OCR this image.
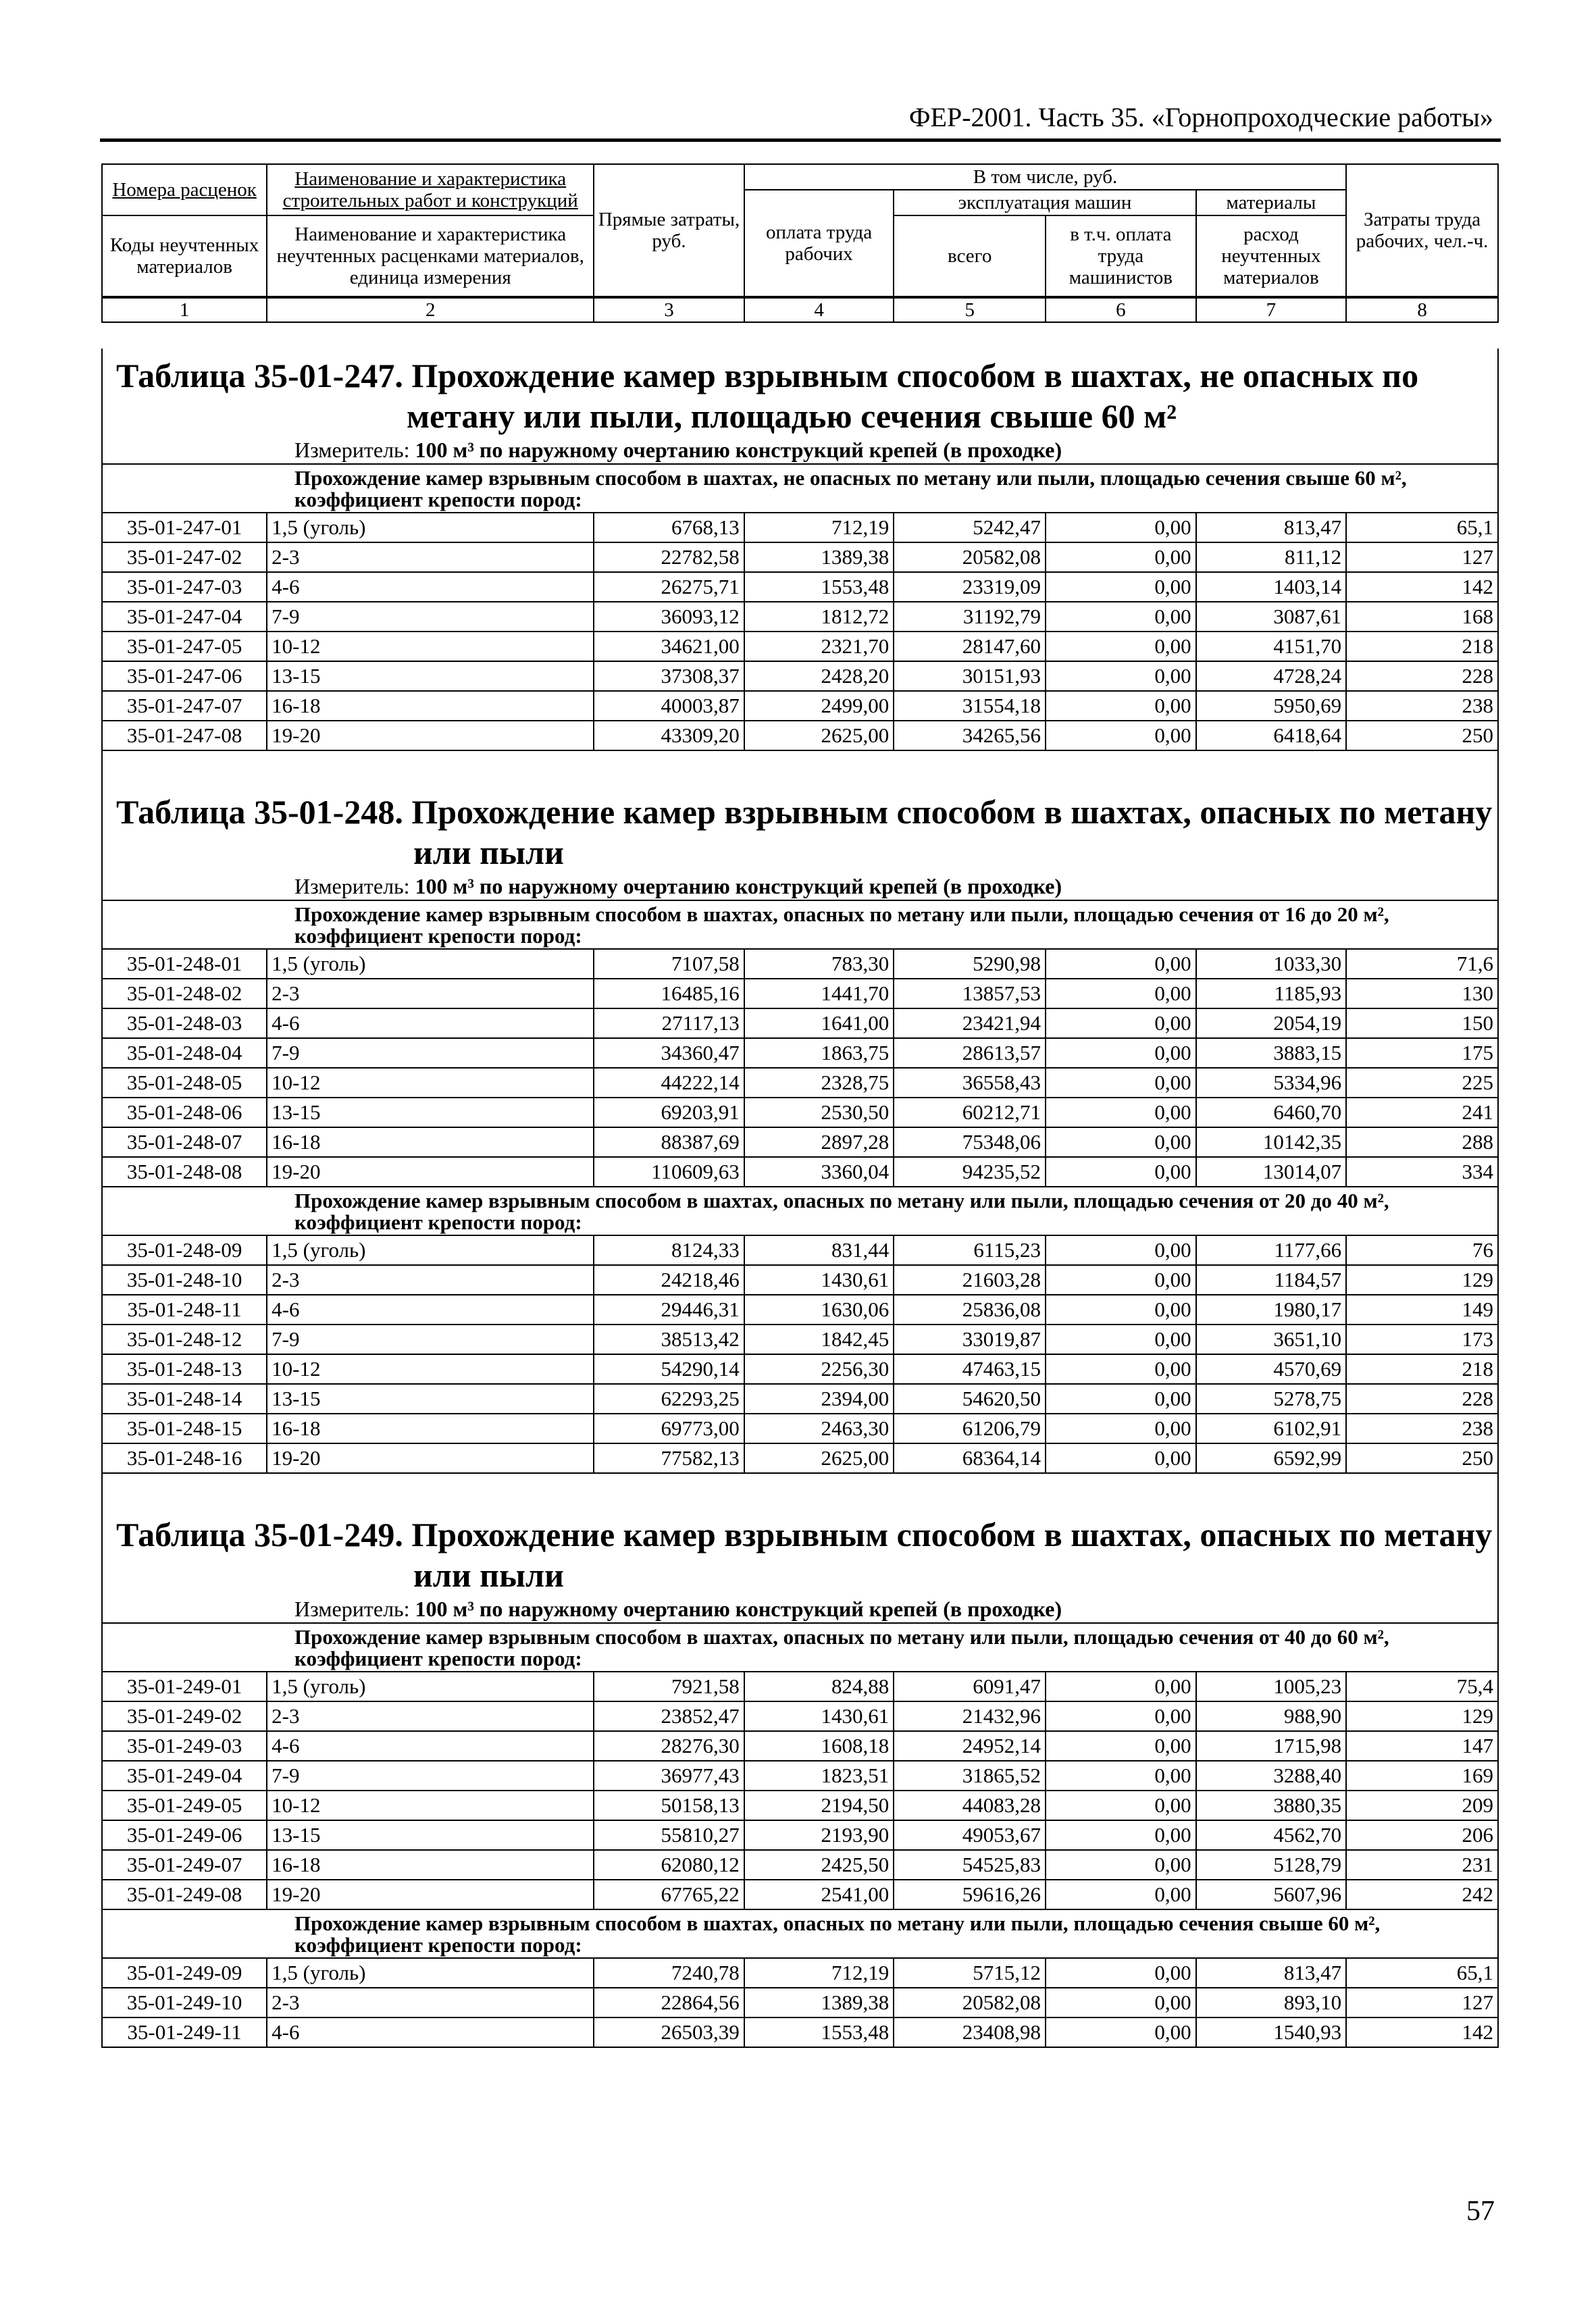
ФЕР-2001. Часть 35. «Горнопроходческие работы»
Номера расценок	Наименование и характеристика строительных работ и конструкций	Прямые затраты, руб.	В том числе, руб.				Затраты труда рабочих, чел.-ч.
			оплата труда рабочих	эксплуатация машин		материалы	
Коды неучтенных материалов	Наименование и характеристика неучтенных расценками материалов, единица измерения			всего	в т.ч. оплата труда машинистов	расход неучтенных материалов	

1	2	3	4	5	6	7	8
Таблица 35-01-247. Прохождение камер взрывным способом в шахтах, не опасных по
метану или пыли, площадью сечения свыше 60 м²
Измеритель: 100 м³ по наружному очертанию конструкций крепей (в проходке)
Прохождение камер взрывным способом в шахтах, не опасных по метану или пыли, площадью сечения свыше 60 м², коэффициент крепости пород:							
35-01-247-01	1,5 (уголь)	6768,13	712,19	5242,47	0,00	813,47	65,1
35-01-247-02	2-3	22782,58	1389,38	20582,08	0,00	811,12	127
35-01-247-03	4-6	26275,71	1553,48	23319,09	0,00	1403,14	142
35-01-247-04	7-9	36093,12	1812,72	31192,79	0,00	3087,61	168
35-01-247-05	10-12	34621,00	2321,70	28147,60	0,00	4151,70	218
35-01-247-06	13-15	37308,37	2428,20	30151,93	0,00	4728,24	228
35-01-247-07	16-18	40003,87	2499,00	31554,18	0,00	5950,69	238
35-01-247-08	19-20	43309,20	2625,00	34265,56	0,00	6418,64	250
Таблица 35-01-248. Прохождение камер взрывным способом в шахтах, опасных по метану
или пыли
Измеритель: 100 м³ по наружному очертанию конструкций крепей (в проходке)
Прохождение камер взрывным способом в шахтах, опасных по метану или пыли, площадью сечения от 16 до 20 м², коэффициент крепости пород:							
35-01-248-01	1,5 (уголь)	7107,58	783,30	5290,98	0,00	1033,30	71,6
35-01-248-02	2-3	16485,16	1441,70	13857,53	0,00	1185,93	130
35-01-248-03	4-6	27117,13	1641,00	23421,94	0,00	2054,19	150
35-01-248-04	7-9	34360,47	1863,75	28613,57	0,00	3883,15	175
35-01-248-05	10-12	44222,14	2328,75	36558,43	0,00	5334,96	225
35-01-248-06	13-15	69203,91	2530,50	60212,71	0,00	6460,70	241
35-01-248-07	16-18	88387,69	2897,28	75348,06	0,00	10142,35	288
35-01-248-08	19-20	110609,63	3360,04	94235,52	0,00	13014,07	334
Прохождение камер взрывным способом в шахтах, опасных по метану или пыли, площадью сечения от 20 до 40 м², коэффициент крепости пород:							
35-01-248-09	1,5 (уголь)	8124,33	831,44	6115,23	0,00	1177,66	76
35-01-248-10	2-3	24218,46	1430,61	21603,28	0,00	1184,57	129
35-01-248-11	4-6	29446,31	1630,06	25836,08	0,00	1980,17	149
35-01-248-12	7-9	38513,42	1842,45	33019,87	0,00	3651,10	173
35-01-248-13	10-12	54290,14	2256,30	47463,15	0,00	4570,69	218
35-01-248-14	13-15	62293,25	2394,00	54620,50	0,00	5278,75	228
35-01-248-15	16-18	69773,00	2463,30	61206,79	0,00	6102,91	238
35-01-248-16	19-20	77582,13	2625,00	68364,14	0,00	6592,99	250
Таблица 35-01-249. Прохождение камер взрывным способом в шахтах, опасных по метану
или пыли
Измеритель: 100 м³ по наружному очертанию конструкций крепей (в проходке)
Прохождение камер взрывным способом в шахтах, опасных по метану или пыли, площадью сечения от 40 до 60 м², коэффициент крепости пород:							
35-01-249-01	1,5 (уголь)	7921,58	824,88	6091,47	0,00	1005,23	75,4
35-01-249-02	2-3	23852,47	1430,61	21432,96	0,00	988,90	129
35-01-249-03	4-6	28276,30	1608,18	24952,14	0,00	1715,98	147
35-01-249-04	7-9	36977,43	1823,51	31865,52	0,00	3288,40	169
35-01-249-05	10-12	50158,13	2194,50	44083,28	0,00	3880,35	209
35-01-249-06	13-15	55810,27	2193,90	49053,67	0,00	4562,70	206
35-01-249-07	16-18	62080,12	2425,50	54525,83	0,00	5128,79	231
35-01-249-08	19-20	67765,22	2541,00	59616,26	0,00	5607,96	242
Прохождение камер взрывным способом в шахтах, опасных по метану или пыли, площадью сечения свыше 60 м², коэффициент крепости пород:							
35-01-249-09	1,5 (уголь)	7240,78	712,19	5715,12	0,00	813,47	65,1
35-01-249-10	2-3	22864,56	1389,38	20582,08	0,00	893,10	127
35-01-249-11	4-6	26503,39	1553,48	23408,98	0,00	1540,93	142
57
